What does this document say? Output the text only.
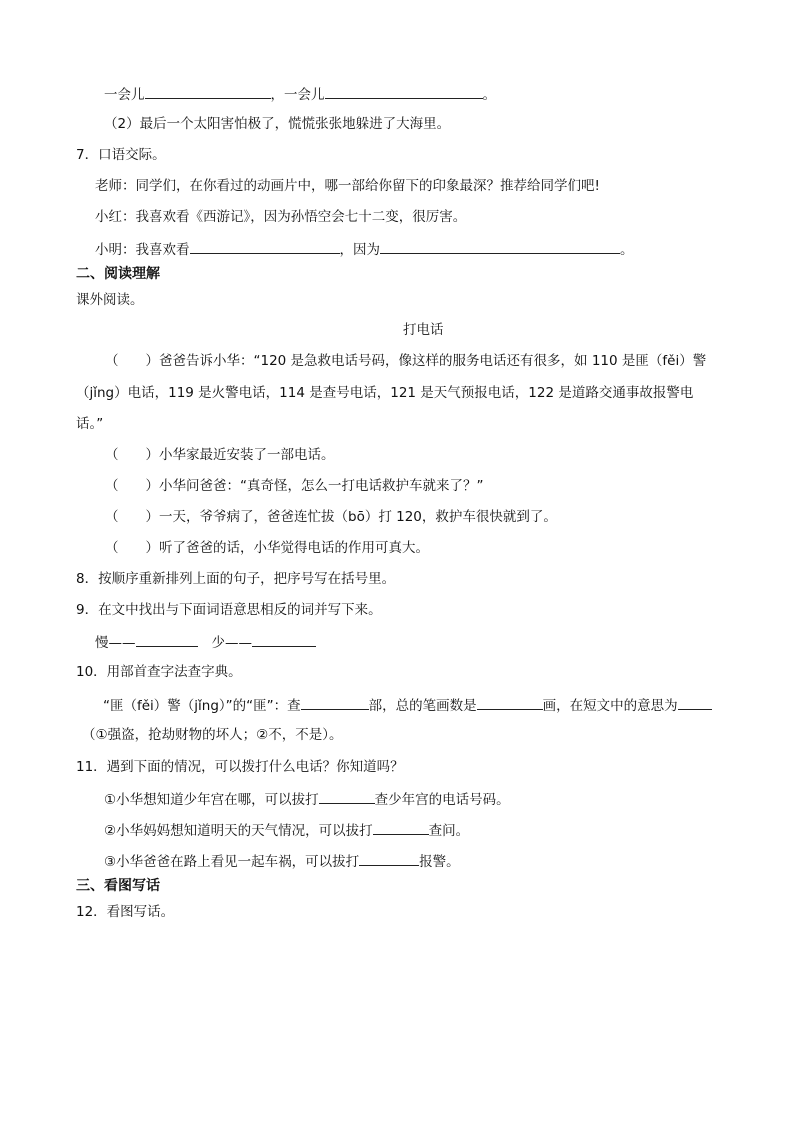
一会儿	，一会儿	。
（2）最后一个太阳害怕极了，慌慌张张地躲进了大海里。
7．口语交际。
老师：同学们，在你看过的动画片中，哪一部给你留下的印象最深？推荐给同学们吧!
小红：我喜欢看《西游记》，因为孙悟空会七十二变，很厉害。
小明：我喜欢看	，因为	。
二、阅读理解
课外阅读。
打电话
（　　）爸爸告诉小华：“120 是急救电话号码，像这样的服务电话还有很多，如 110 是匪（fěi）警
（jǐng）电话，119 是火警电话，114 是查号电话，121 是天气预报电话，122 是道路交通事故报警电
话。”
（　　）小华家最近安装了一部电话。
（　　）小华问爸爸：“真奇怪，怎么一打电话救护车就来了？”
（　　）一天，爷爷病了，爸爸连忙拔（bō）打 120，救护车很快就到了。
（　　）听了爸爸的话，小华觉得电话的作用可真大。
8．按顺序重新排列上面的句子，把序号写在括号里。
9．在文中找出与下面词语意思相反的词并写下来。
慢——	少——
10．用部首查字法查字典。
“匪（fěi）警（jǐng）”的“匪”：查	部，总的笔画数是	画，在短文中的意思为
（①强盗，抢劫财物的坏人；②不，不是）。
11．遇到下面的情况，可以拨打什么电话？你知道吗？
①小华想知道少年宫在哪，可以拔打	查少年宫的电话号码。
②小华妈妈想知道明天的天气情况，可以拔打	查问。
③小华爸爸在路上看见一起车祸，可以拔打	报警。
三、看图写话
12．看图写话。
